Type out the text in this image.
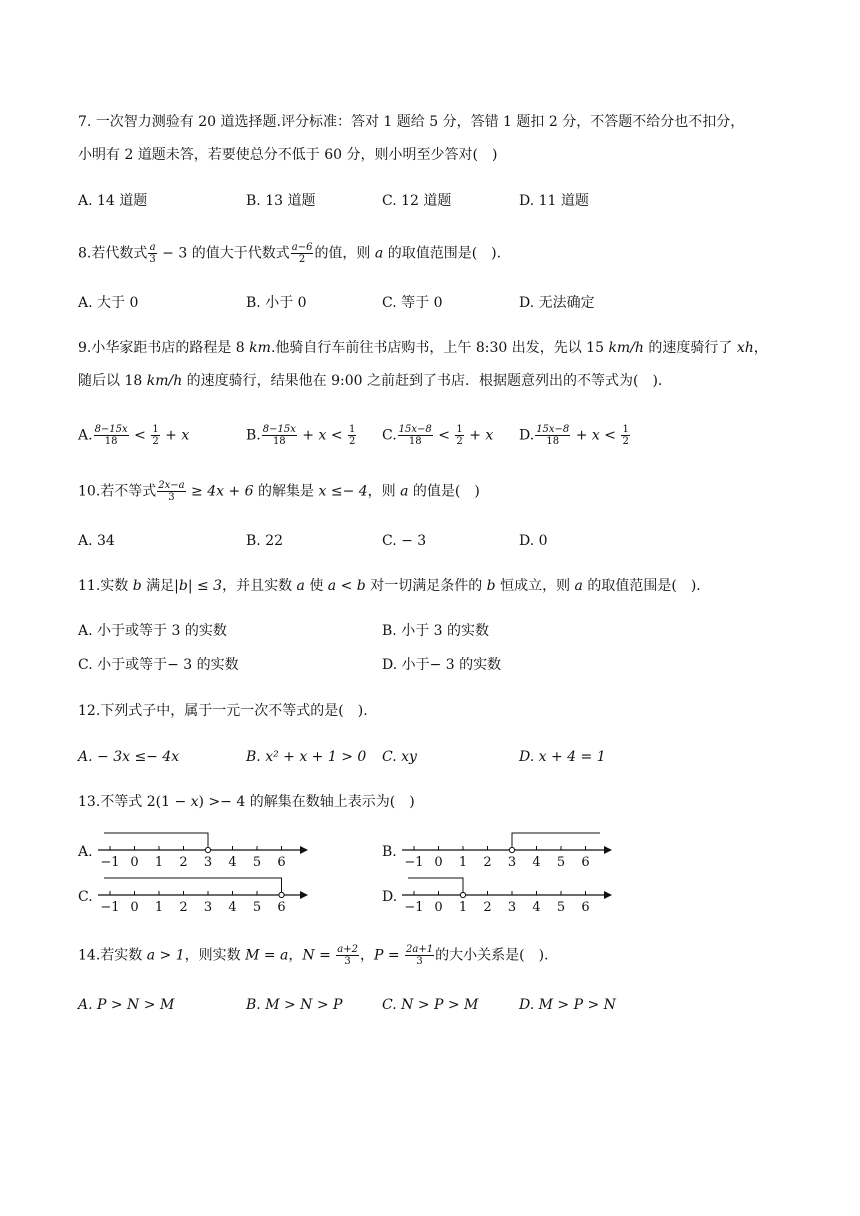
7. 一次智力测验有 20 道选择题.评分标准：答对 1 题给 5 分，答错 1 题扣 2 分，不答题不给分也不扣分，
小明有 2 道题未答，若要使总分不低于 60 分，则小明至少答对( )
A. 14 道题	B. 13 道题	C. 12 道题	D. 11 道题
8.若代数式 $\frac{a}{3} - 3$ 的值大于代数式 $\frac{a-6}{2}$ 的值，则 a 的取值范围是( ).
A. 大于 0	B. 小于 0	C. 等于 0	D. 无法确定
9.小华家距书店的路程是 8 km.他骑自行车前往书店购书，上午 8:30 出发，先以 15 km/h 的速度骑行了 xh，
随后以 18 km/h 的速度骑行，结果他在 9:00 之前赶到了书店．根据题意列出的不等式为( ).
A. $\frac{8-15x}{18} < \frac{1}{2} + x$	B. $\frac{8-15x}{18} + x < \frac{1}{2} C$. $\frac{15x-8}{18} < \frac{1}{2} + x$ D. $\frac{15x-8}{18} + x < \frac{1}{2}$
10.若不等式 $\frac{2x-a}{3} \ge 4x + 6$ 的解集是 x ≤− 4，则 a 的值是( )
A. 34	B. 22	C. − 3	D. 0
11.实数 b 满足|b| ≤ 3，并且实数 a 使 a < b 对一切满足条件的 b 恒成立，则 a 的取值范围是( ).
A. 小于或等于 3 的实数	B. 小于 3 的实数
C. 小于或等于− 3 的实数	D. 小于− 3 的实数
12.下列式子中，属于一元一次不等式的是( ).
A. − 3x ≤− 4x	B. x² + x + 1 > 0 C. xy	D. x + 4 = 1
13.不等式 2(1 − x) >− 4 的解集在数轴上表示为( )
A.
−1 0 1 2 3 4 5 6
B.
−1 0 1 2 3 4 5 6
C.
−1 0 1 2 3 4 5 6
D.
−1 0 1 2 3 4 5 6
14.若实数 a > 1，则实数 M = a，$N = \frac{a+2}{3}$ ，$P = \frac{2a+1}{3}$ 的大小关系是( ).
A. P > N > M	B. M > N > P	C. N > P > M	D. M > P > N
